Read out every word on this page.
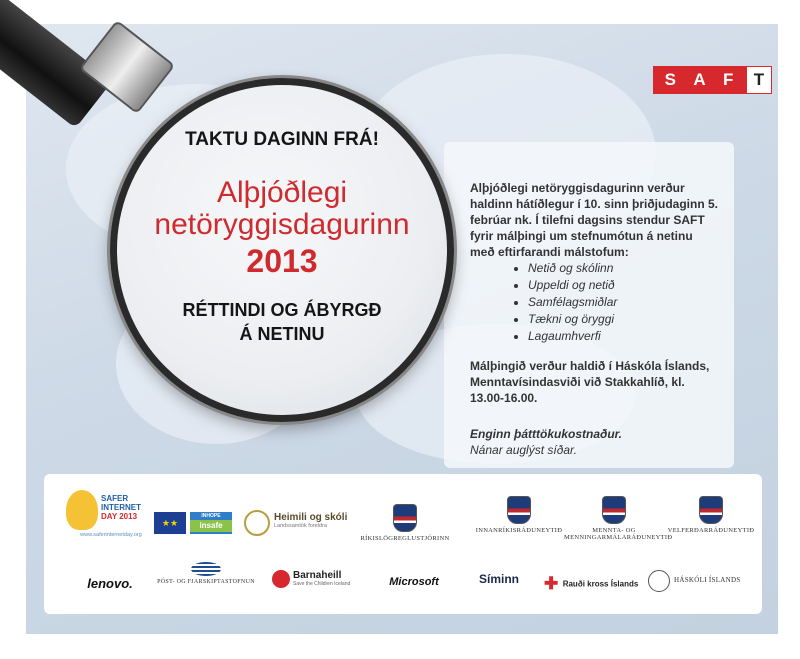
S A F	T
Alþjóðlegi netöryggisdagurinn verður haldinn hátíðlegur í 10. sinn þriðjudaginn 5. febrúar nk. Í tilefni dagsins stendur SAFT fyrir málþingi um stefnumótun á netinu með eftirfarandi málstofum:
• Netið og skólinn
• Uppeldi og netið
• Samfélagsmiðlar
• Tækni og öryggi
• Lagaumhverfi
Málþingið verður haldið í Háskóla Íslands, Menntavísindasviði við Stakkahlíð, kl. 13.00-16.00.
Enginn þátttökukostnaður.
Nánar auglýst síðar.
SAFER
INTERNET
DAY 2013
www.saferinternetday.org
★★
INHOPE
insafe
Heimili og skóli
Landssamtök foreldra
RÍKISLÖGREGLUSTJÓRINN
INNANRÍKISRÁÐUNEYTIÐ	MENNTA- OG
MENNINGARMÁLARÁÐUNEYTIÐ
VELFERÐARRÁÐUNEYTIÐ
lenovo.	PÓST- OG FJARSKIPTASTOFNUN
Barnaheill
Save the Children Iceland	Microsoft	Síminn	✚ Rauði kross Íslands	HÁSKÓLI ÍSLANDS
TAKTU DAGINN FRÁ!
Alþjóðlegi
netöryggisdagurinn
2013
RÉTTINDI OG ÁBYRGÐ
Á NETINU
